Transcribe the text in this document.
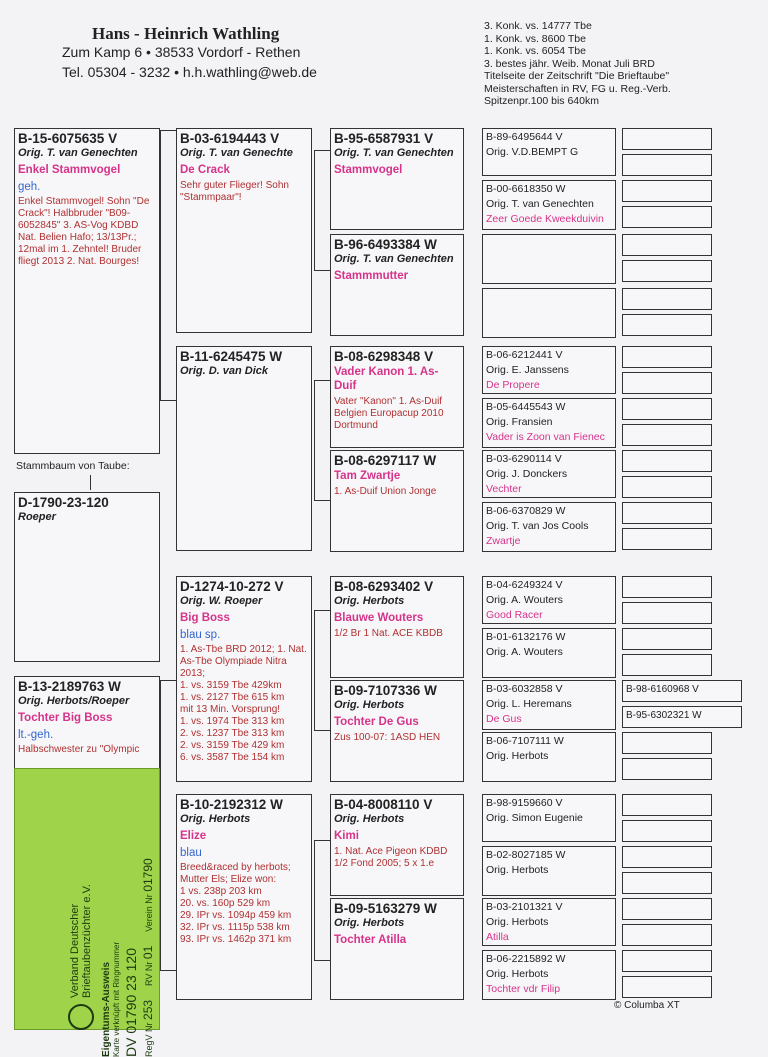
Hans - Heinrich Wathling
Zum Kamp 6 • 38533 Vordorf - Rethen
Tel. 05304 - 3232 • h.h.wathling@web.de
3. Konk. vs. 14777 Tbe
1. Konk. vs. 8600 Tbe
1. Konk. vs. 6054 Tbe
3. bestes jähr. Weib. Monat Juli BRD
Titelseite der Zeitschrift "Die Brieftaube"
Meisterschaften in RV, FG u. Reg.-Verb.
Spitzenpr.100 bis 640km
B-15-6075635 V
Orig. T. van Genechten
Enkel Stammvogel
geh.
Enkel Stammvogel! Sohn "De Crack"! Halbbruder "B09-6052845" 3. AS-Vog KDBD Nat. Belien Hafo; 13/13Pr.; 12mal im 1. Zehntel! Bruder fliegt 2013 2. Nat. Bourges!
Stammbaum von Taube:
D-1790-23-120
Roeper
B-13-2189763 W
Orig. Herbots/Roeper
Tochter Big Boss
lt.-geh.
Halbschwester zu "Olympic
B-03-6194443 V
Orig. T. van Genechte
De Crack
Sehr guter Flieger! Sohn "Stammpaar"!
B-11-6245475 W
Orig. D. van Dick
D-1274-10-272 V
Orig. W. Roeper
Big Boss
blau sp.
1. As-Tbe BRD 2012; 1. Nat. As-Tbe Olympiade Nitra 2013;
1. vs. 3159 Tbe 429km
1. vs. 2127 Tbe 615 km
mit 13 Min. Vorsprung!
1. vs. 1974 Tbe 313 km
2. vs. 1237 Tbe 313 km
2. vs. 3159 Tbe 429 km
6. vs. 3587 Tbe 154 km
B-10-2192312 W
Orig. Herbots
Elize
blau
Breed&raced by herbots; Mutter Els; Elize won:
1 vs. 238p 203 km
20. vs. 160p 529 km
29. IPr vs. 1094p 459 km
32. IPr vs. 1115p 538 km
93. IPr vs. 1462p 371 km
B-95-6587931 V
Orig. T. van Genechten
Stammvogel
B-96-6493384 W
Orig. T. van Genechten
Stammmutter
B-08-6298348 V
Vader Kanon 1. As-Duif
Vater "Kanon" 1. As-Duif Belgien Europacup 2010 Dortmund
B-08-6297117 W
Tam Zwartje
1. As-Duif Union Jonge
B-08-6293402 V
Orig. Herbots
Blauwe Wouters
1/2 Br 1 Nat. ACE KBDB
B-09-7107336 W
Orig. Herbots
Tochter De Gus
Zus 100-07: 1ASD HEN
B-04-8008110 V
Orig. Herbots
Kimi
1. Nat. Ace Pigeon KDBD 1/2 Fond 2005; 5 x 1.e
B-09-5163279 W
Orig. Herbots
Tochter Atilla
B-89-6495644 V
Orig. V.D.BEMPT G
B-00-6618350 W
Orig. T. van Genechten
Zeer Goede Kweekduivin
B-06-6212441 V
Orig. E. Janssens
De Propere
B-05-6445543 W
Orig. Fransien
Vader is Zoon van Fienec
B-03-6290114 V
Orig. J. Donckers
Vechter
B-06-6370829 W
Orig. T. van Jos Cools
Zwartje
B-04-6249324 V
Orig. A. Wouters
Good Racer
B-01-6132176 W
Orig. A. Wouters
B-03-6032858 V
Orig. L. Heremans
De Gus
B-06-7107111 W
Orig. Herbots
B-98-9159660 V
Orig. Simon Eugenie
B-02-8027185 W
Orig. Herbots
B-03-2101321 V
Orig. Herbots
Atilla
B-06-2215892 W
Orig. Herbots
Tochter vdr Filip
B-98-6160968 V
B-95-6302321 W
© Columba XT
Verband Deutscher Brieftaubenzüchter e.V.
Eigentums-Ausweis Karte verknüpft mit Ringnummer DV 01790 23 120 RegV Nr 253
RV Nr 01
Verein Nr 01790
